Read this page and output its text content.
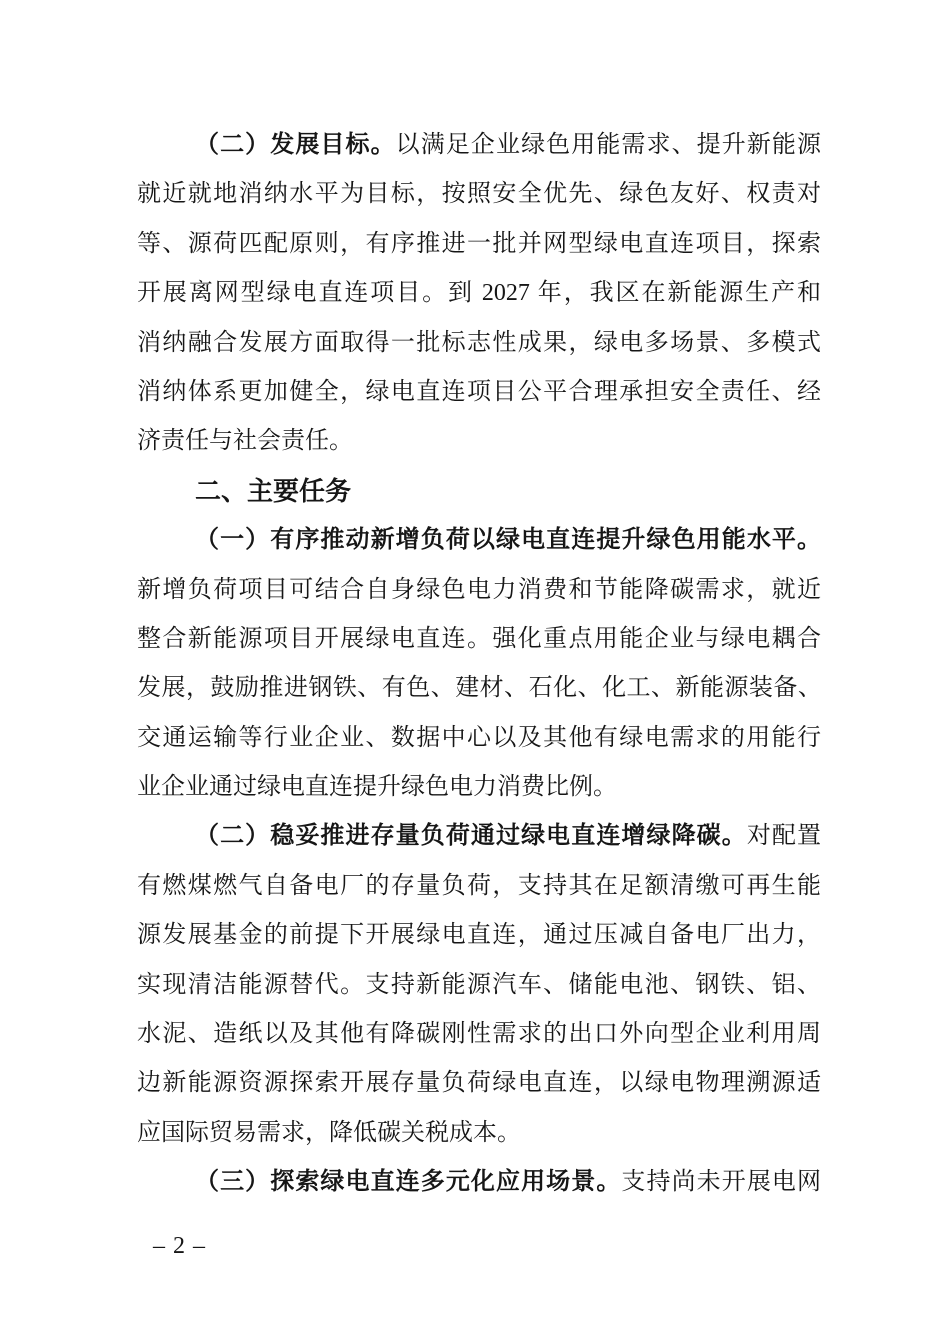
（二）发展目标。以满足企业绿色用能需求、提升新能源
就近就地消纳水平为目标，按照安全优先、绿色友好、权责对
等、源荷匹配原则，有序推进一批并网型绿电直连项目，探索
开展离网型绿电直连项目。到 2027 年，我区在新能源生产和
消纳融合发展方面取得一批标志性成果，绿电多场景、多模式
消纳体系更加健全，绿电直连项目公平合理承担安全责任、经
济责任与社会责任。
二、主要任务
（一）有序推动新增负荷以绿电直连提升绿色用能水平。
新增负荷项目可结合自身绿色电力消费和节能降碳需求，就近
整合新能源项目开展绿电直连。强化重点用能企业与绿电耦合
发展，鼓励推进钢铁、有色、建材、石化、化工、新能源装备、
交通运输等行业企业、数据中心以及其他有绿电需求的用能行
业企业通过绿电直连提升绿色电力消费比例。
（二）稳妥推进存量负荷通过绿电直连增绿降碳。对配置
有燃煤燃气自备电厂的存量负荷，支持其在足额清缴可再生能
源发展基金的前提下开展绿电直连，通过压减自备电厂出力，
实现清洁能源替代。支持新能源汽车、储能电池、钢铁、铝、
水泥、造纸以及其他有降碳刚性需求的出口外向型企业利用周
边新能源资源探索开展存量负荷绿电直连，以绿电物理溯源适
应国际贸易需求，降低碳关税成本。
（三）探索绿电直连多元化应用场景。支持尚未开展电网
– 2 –
